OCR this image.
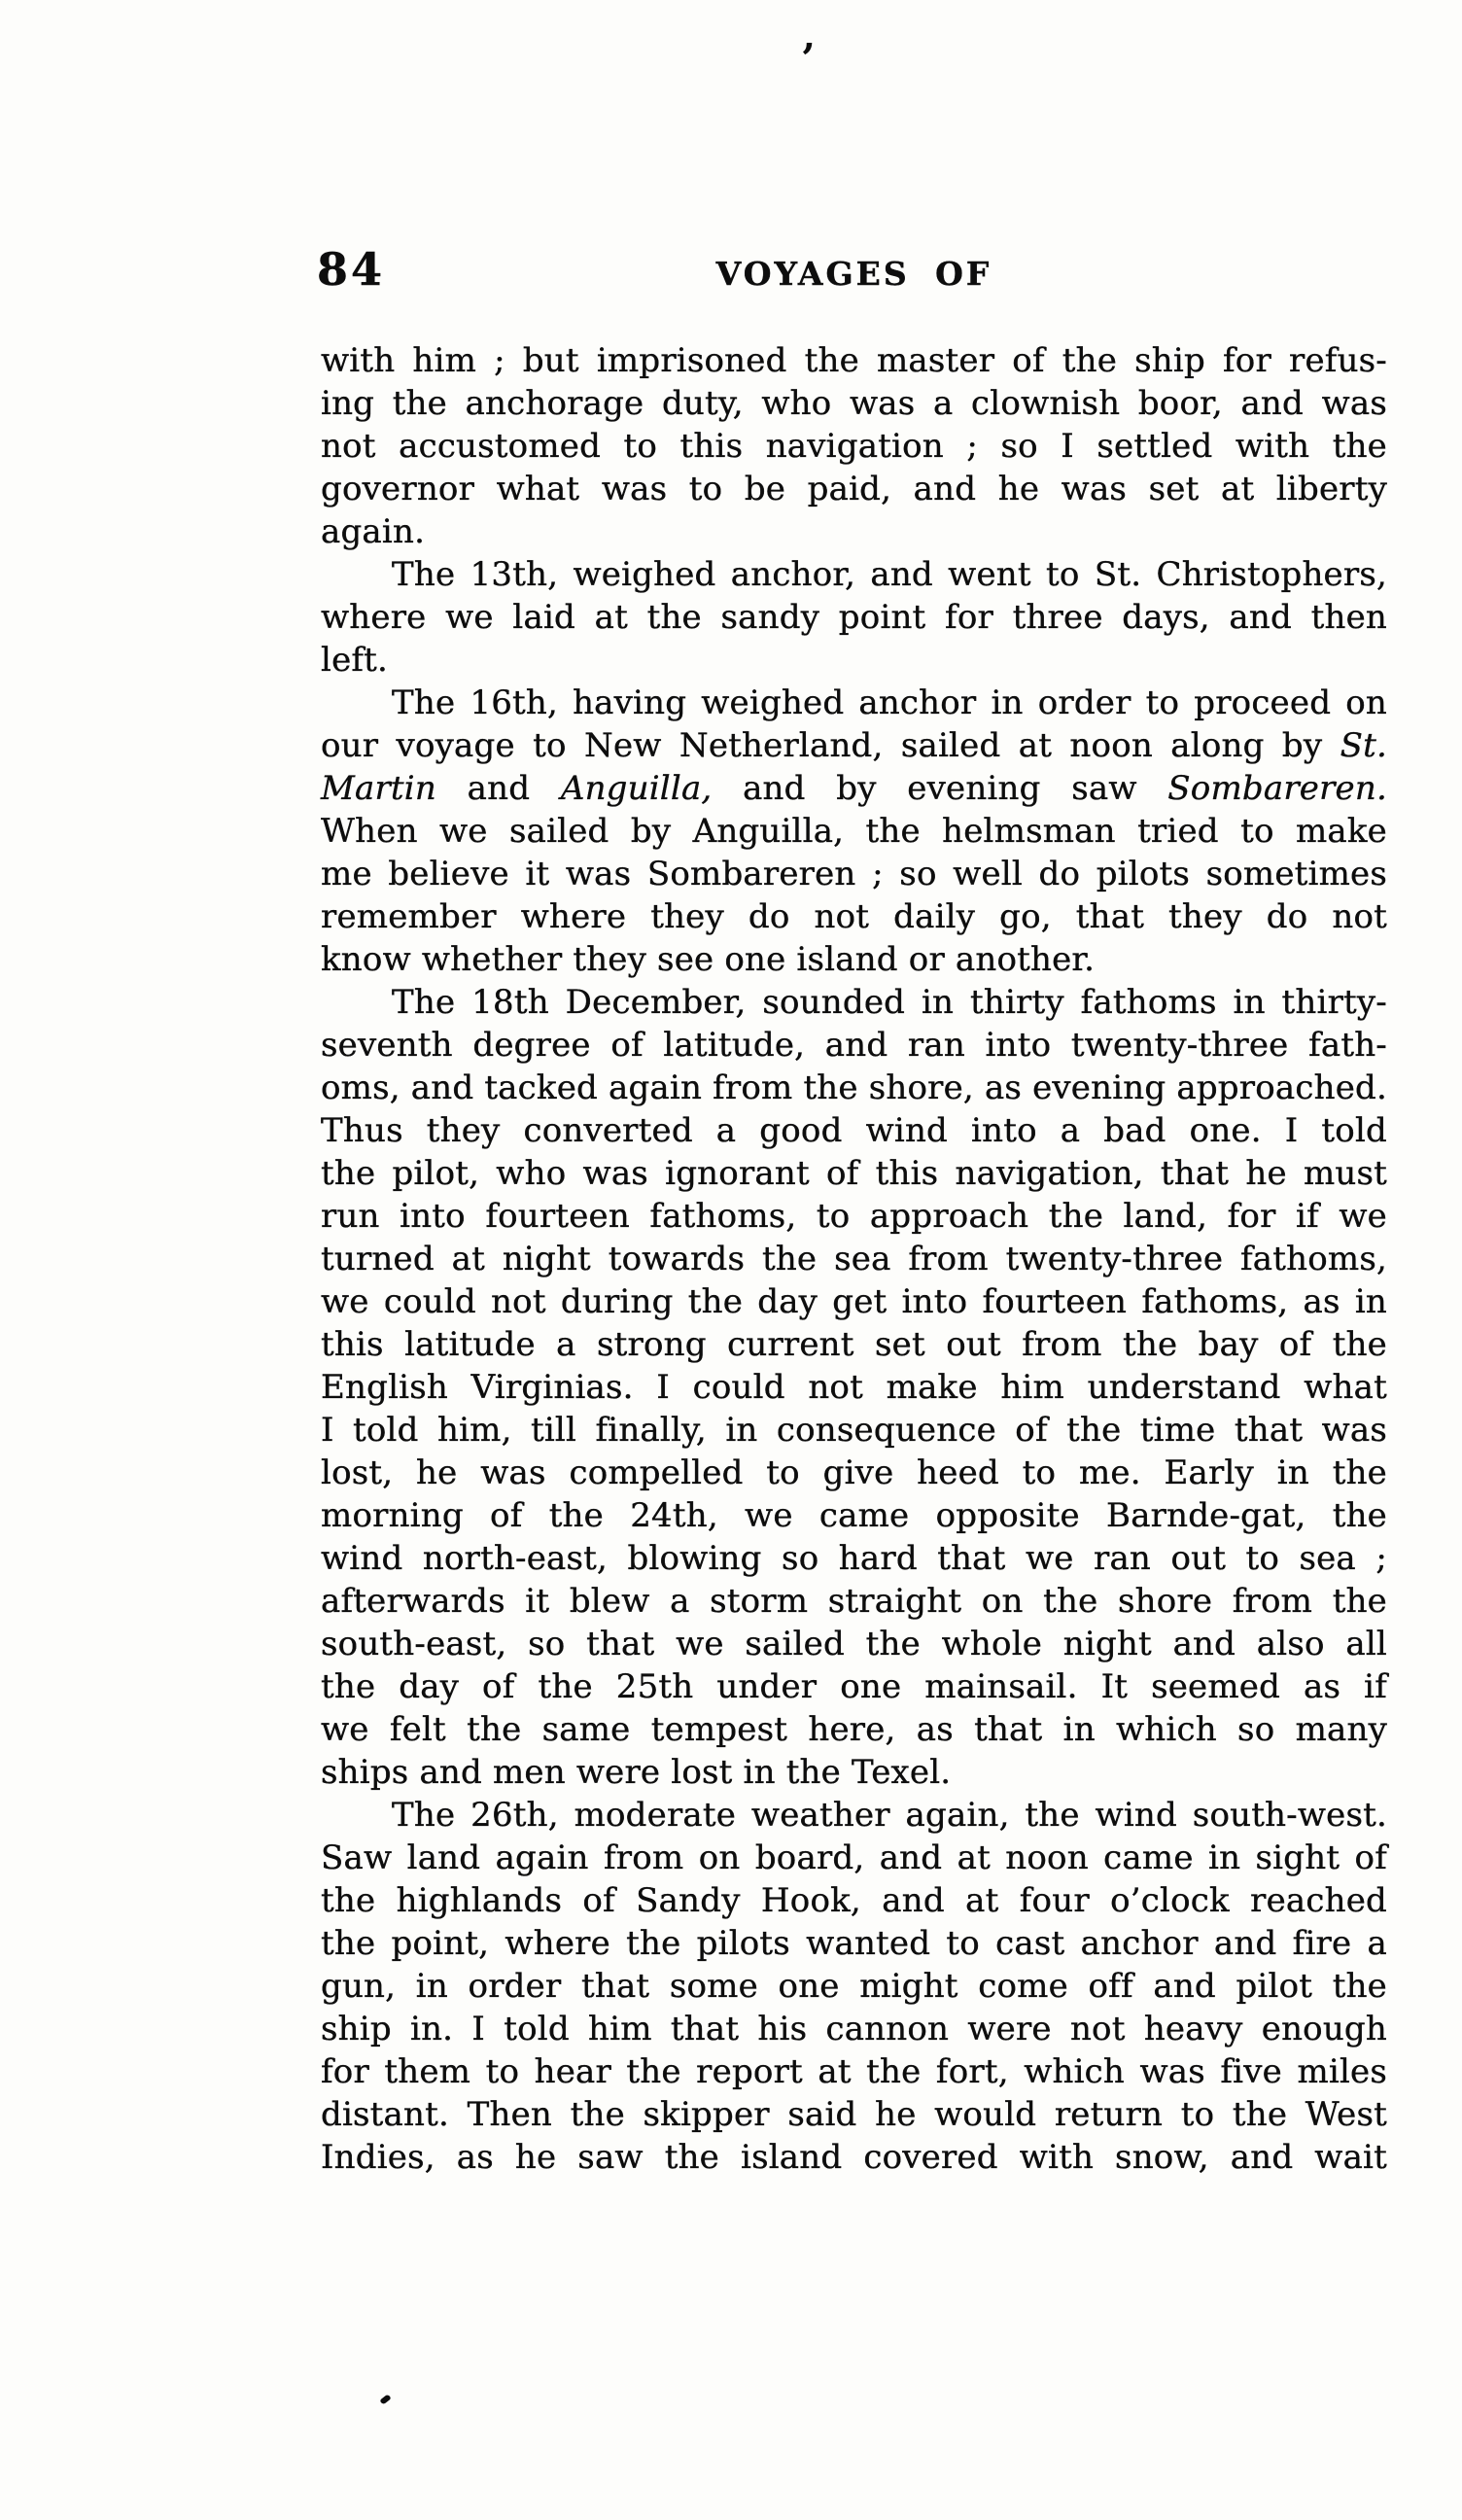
’
84	VOYAGES OF
with him ; but imprisoned the master of the ship for refus-
ing the anchorage duty, who was a clownish boor, and was
not accustomed to this navigation ; so I settled with the
governor what was to be paid, and he was set at liberty
again.
The 13th, weighed anchor, and went to St. Christophers,
where we laid at the sandy point for three days, and then
left.
The 16th, having weighed anchor in order to proceed on
our voyage to New Netherland, sailed at noon along by St.
Martin and Anguilla, and by evening saw Sombareren.
When we sailed by Anguilla, the helmsman tried to make
me believe it was Sombareren ; so well do pilots sometimes
remember where they do not daily go, that they do not
know whether they see one island or another.
The 18th December, sounded in thirty fathoms in thirty-
seventh degree of latitude, and ran into twenty-three fath-
oms, and tacked again from the shore, as evening approached.
Thus they converted a good wind into a bad one. I told
the pilot, who was ignorant of this navigation, that he must
run into fourteen fathoms, to approach the land, for if we
turned at night towards the sea from twenty-three fathoms,
we could not during the day get into fourteen fathoms, as in
this latitude a strong current set out from the bay of the
English Virginias. I could not make him understand what
I told him, till finally, in consequence of the time that was
lost, he was compelled to give heed to me. Early in the
morning of the 24th, we came opposite Barnde-gat, the
wind north-east, blowing so hard that we ran out to sea ;
afterwards it blew a storm straight on the shore from the
south-east, so that we sailed the whole night and also all
the day of the 25th under one mainsail. It seemed as if
we felt the same tempest here, as that in which so many
ships and men were lost in the Texel.
The 26th, moderate weather again, the wind south-west.
Saw land again from on board, and at noon came in sight of
the highlands of Sandy Hook, and at four o’clock reached
the point, where the pilots wanted to cast anchor and fire a
gun, in order that some one might come off and pilot the
ship in. I told him that his cannon were not heavy enough
for them to hear the report at the fort, which was five miles
distant. Then the skipper said he would return to the West
Indies, as he saw the island covered with snow, and wait
